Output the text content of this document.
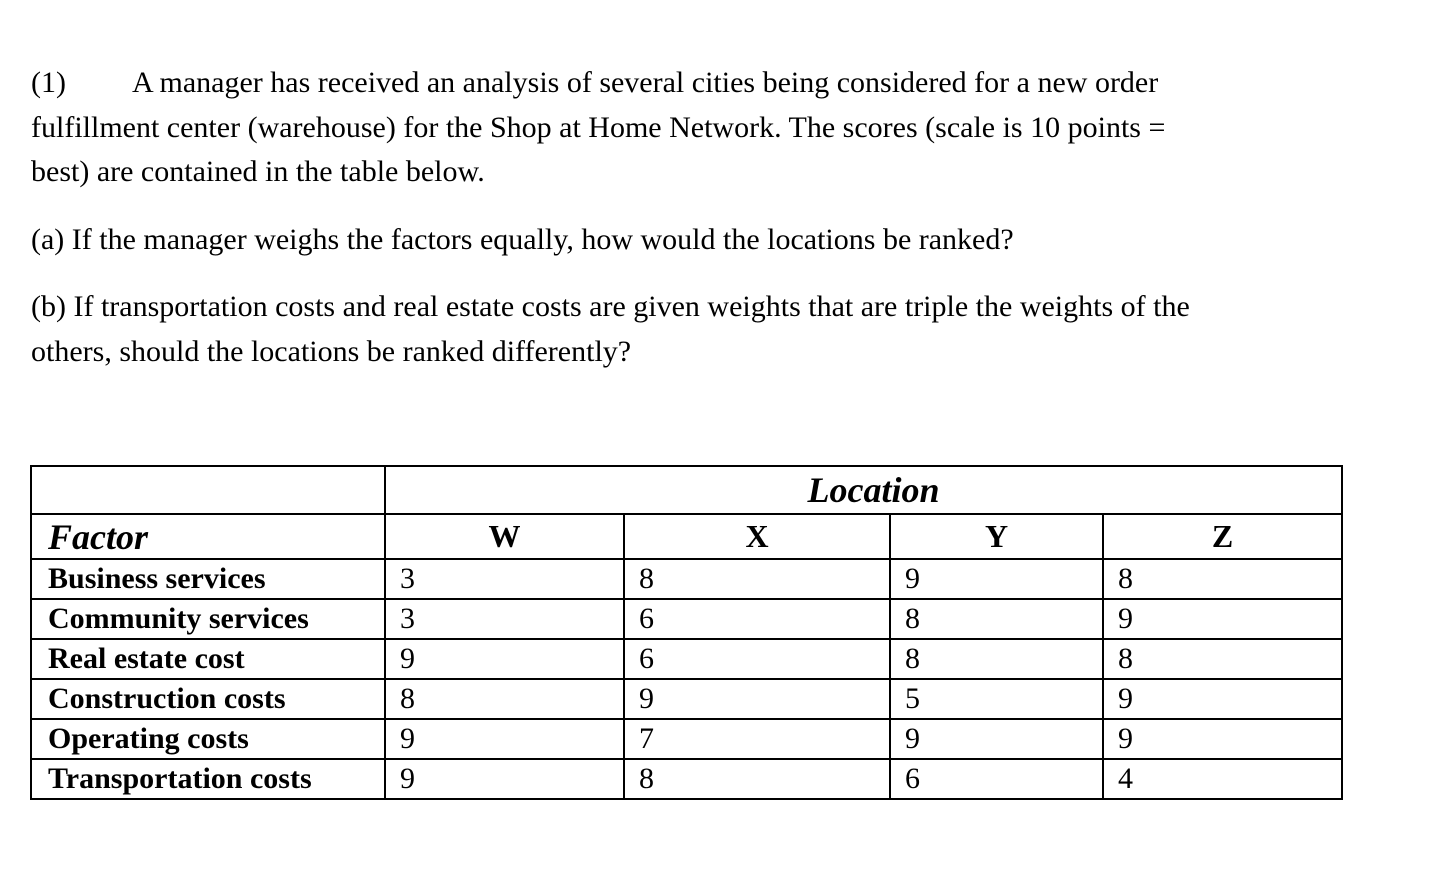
(1) A manager has received an analysis of several cities being considered for a new order
fulfillment center (warehouse) for the Shop at Home Network. The scores (scale is 10 points =
best) are contained in the table below.

(a) If the manager weighs the factors equally, how would the locations be ranked?

(b) If transportation costs and real estate costs are given weights that are triple the weights of the
others, should the locations be ranked differently?

	Location			
Factor	W	X	Y	Z
Business services	3	8	9	8
Community services	3	6	8	9
Real estate cost	9	6	8	8
Construction costs	8	9	5	9
Operating costs	9	7	9	9
Transportation costs	9	8	6	4
